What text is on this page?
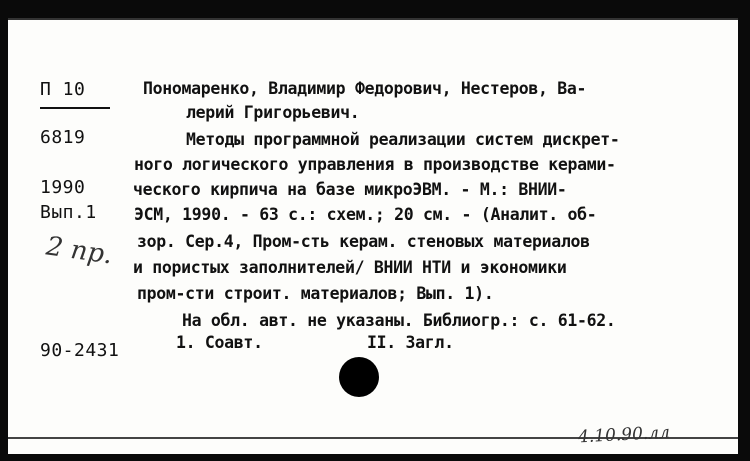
П 10
6819
1990
Вып.1
2 пр.
90-2431
Пономаренко, Владимир Федорович, Нестеров, Ва-
лерий Григорьевич.
Методы программной реализации систем дискрет-
ного логического управления в производстве керами-
ческого кирпича на базе микроЭВМ. - М.: ВНИИ-
ЭСМ, 1990. - 63 с.: схем.; 20 см. - (Аналит. об-
зор. Сер.4, Пром-сть керам. стеновых материалов
и пористых заполнителей/ ВНИИ НТИ и экономики
пром-сти строит. материалов; Вып. 1).
На обл. авт. не указаны. Библиогр.: с. 61-62.
1. Соавт.	II. Загл.
4.10.90.лл
